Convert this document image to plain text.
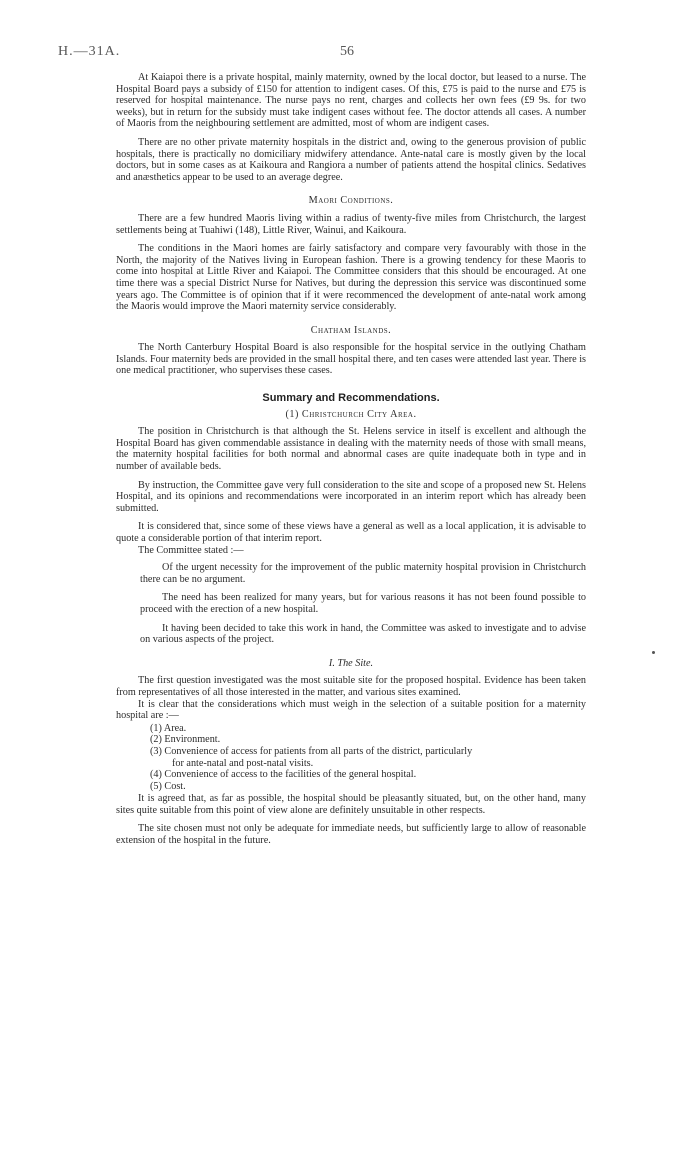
H.—31A.	56

At Kaiapoi there is a private hospital, mainly maternity, owned by the local doctor, but leased to a nurse. The Hospital Board pays a subsidy of £150 for attention to indigent cases. Of this, £75 is paid to the nurse and £75 is reserved for hospital maintenance. The nurse pays no rent, charges and collects her own fees (£9 9s. for two weeks), but in return for the subsidy must take indigent cases without fee. The doctor attends all cases. A number of Maoris from the neighbouring settlement are admitted, most of whom are indigent cases.

There are no other private maternity hospitals in the district and, owing to the generous provision of public hospitals, there is practically no domiciliary midwifery attendance. Ante-natal care is mostly given by the local doctors, but in some cases as at Kaikoura and Rangiora a number of patients attend the hospital clinics. Sedatives and anæsthetics appear to be used to an average degree.

Maori Conditions.

There are a few hundred Maoris living within a radius of twenty-five miles from Christchurch, the largest settlements being at Tuahiwi (148), Little River, Wainui, and Kaikoura.

The conditions in the Maori homes are fairly satisfactory and compare very favourably with those in the North, the majority of the Natives living in European fashion. There is a growing tendency for these Maoris to come into hospital at Little River and Kaiapoi. The Committee considers that this should be encouraged. At one time there was a special District Nurse for Natives, but during the depression this service was discontinued some years ago. The Committee is of opinion that if it were recommenced the development of ante-natal work among the Maoris would improve the Maori maternity service considerably.

Chatham Islands.

The North Canterbury Hospital Board is also responsible for the hospital service in the outlying Chatham Islands. Four maternity beds are provided in the small hospital there, and ten cases were attended last year. There is one medical practitioner, who supervises these cases.

Summary and Recommendations.
(1) Christchurch City Area.

The position in Christchurch is that although the St. Helens service in itself is excellent and although the Hospital Board has given commendable assistance in dealing with the maternity needs of those with small means, the maternity hospital facilities for both normal and abnormal cases are quite inadequate both in type and in number of available beds.

By instruction, the Committee gave very full consideration to the site and scope of a proposed new St. Helens Hospital, and its opinions and recommendations were incorporated in an interim report which has already been submitted.

It is considered that, since some of these views have a general as well as a local application, it is advisable to quote a considerable portion of that interim report.

The Committee stated :—

Of the urgent necessity for the improvement of the public maternity hospital provision in Christchurch there can be no argument.

The need has been realized for many years, but for various reasons it has not been found possible to proceed with the erection of a new hospital.

It having been decided to take this work in hand, the Committee was asked to investigate and to advise on various aspects of the project.

I. The Site.

The first question investigated was the most suitable site for the proposed hospital. Evidence has been taken from representatives of all those interested in the matter, and various sites examined.

It is clear that the considerations which must weigh in the selection of a suitable position for a maternity hospital are :—

(1) Area.
(2) Environment.
(3) Convenience of access for patients from all parts of the district, particularly
for ante-natal and post-natal visits.
(4) Convenience of access to the facilities of the general hospital.
(5) Cost.

It is agreed that, as far as possible, the hospital should be pleasantly situated, but, on the other hand, many sites quite suitable from this point of view alone are definitely unsuitable in other respects.

The site chosen must not only be adequate for immediate needs, but sufficiently large to allow of reasonable extension of the hospital in the future.
